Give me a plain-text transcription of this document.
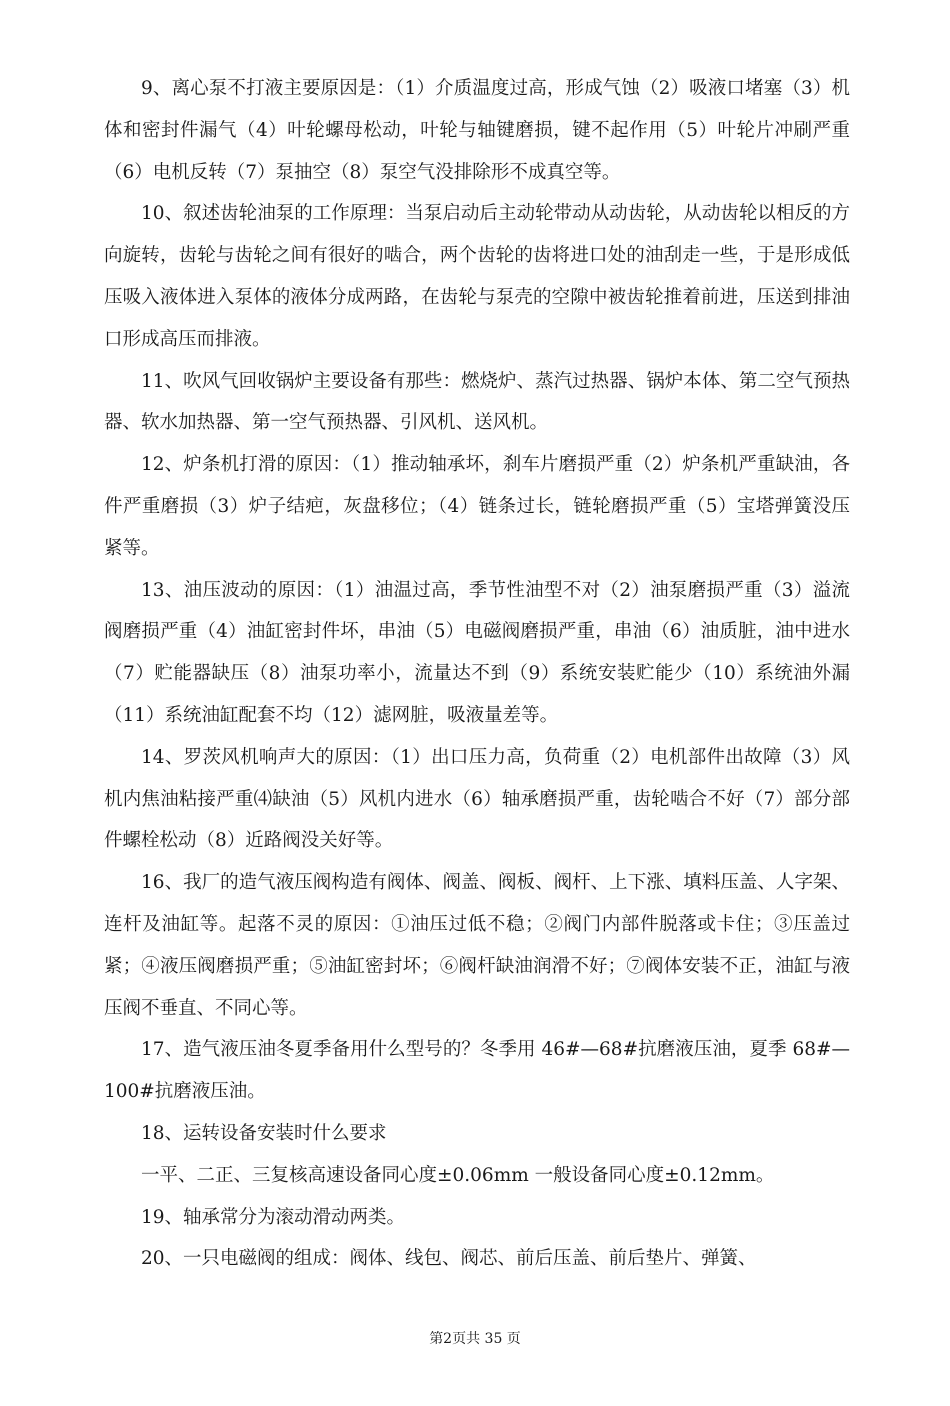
9、离心泵不打液主要原因是：（1）介质温度过高，形成气蚀（2）吸液口堵塞（3）机体和密封件漏气（4）叶轮螺母松动，叶轮与轴键磨损，键不起作用（5）叶轮片冲刷严重（6）电机反转（7）泵抽空（8）泵空气没排除形不成真空等。

10、叙述齿轮油泵的工作原理：当泵启动后主动轮带动从动齿轮，从动齿轮以相反的方向旋转，齿轮与齿轮之间有很好的啮合，两个齿轮的齿将进口处的油刮走一些，于是形成低压吸入液体进入泵体的液体分成两路，在齿轮与泵壳的空隙中被齿轮推着前进，压送到排油口形成高压而排液。

11、吹风气回收锅炉主要设备有那些：燃烧炉、蒸汽过热器、锅炉本体、第二空气预热器、软水加热器、第一空气预热器、引风机、送风机。

12、炉条机打滑的原因：（1）推动轴承坏，刹车片磨损严重（2）炉条机严重缺油，各件严重磨损（3）炉子结疤，灰盘移位；（4）链条过长，链轮磨损严重（5）宝塔弹簧没压紧等。

13、油压波动的原因：（1）油温过高，季节性油型不对（2）油泵磨损严重（3）溢流阀磨损严重（4）油缸密封件坏，串油（5）电磁阀磨损严重，串油（6）油质脏，油中进水（7）贮能器缺压（8）油泵功率小，流量达不到（9）系统安装贮能少（10）系统油外漏（11）系统油缸配套不均（12）滤网脏，吸液量差等。

14、罗茨风机响声大的原因：（1）出口压力高，负荷重（2）电机部件出故障（3）风机内焦油粘接严重⑷缺油（5）风机内进水（6）轴承磨损严重，齿轮啮合不好（7）部分部件螺栓松动（8）近路阀没关好等。

16、我厂的造气液压阀构造有阀体、阀盖、阀板、阀杆、上下涨、填料压盖、人字架、连杆及油缸等。起落不灵的原因：①油压过低不稳；②阀门内部件脱落或卡住；③压盖过紧；④液压阀磨损严重；⑤油缸密封坏；⑥阀杆缺油润滑不好；⑦阀体安装不正，油缸与液压阀不垂直、不同心等。

17、造气液压油冬夏季备用什么型号的？冬季用 46#—68#抗磨液压油，夏季 68#—100#抗磨液压油。

18、运转设备安装时什么要求

一平、二正、三复核高速设备同心度±0.06mm 一般设备同心度±0.12mm。

19、轴承常分为滚动滑动两类。

20、一只电磁阀的组成：阀体、线包、阀芯、前后压盖、前后垫片、弹簧、

第2页共 35 页
